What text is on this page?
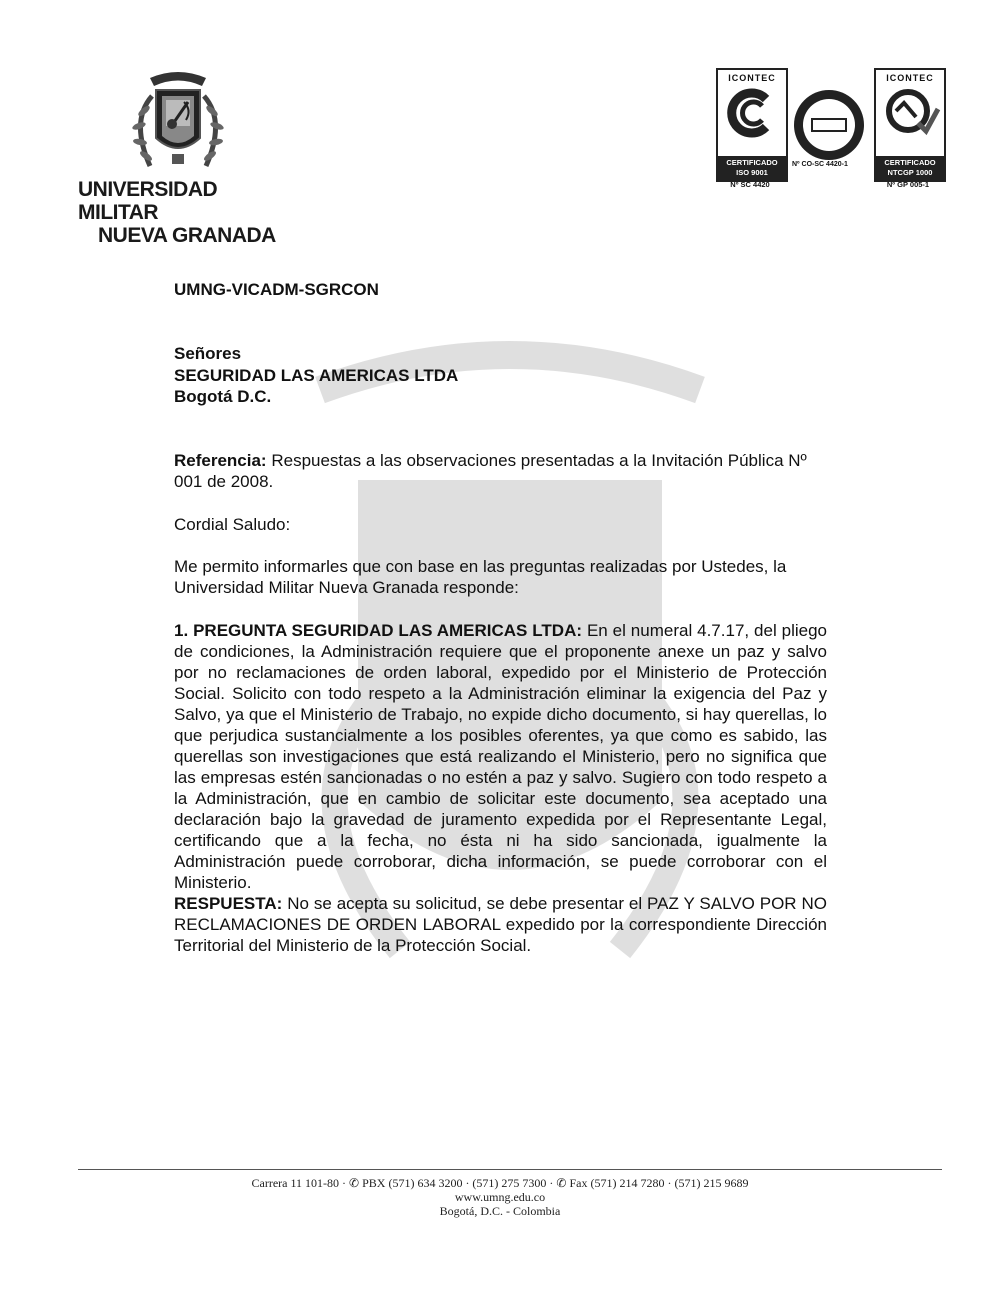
UNIVERSIDAD MILITAR
NUEVA GRANADA
ICONTEC
CERTIFICADO
ISO 9001
Nº SC 4420
Nº CO-SC 4420-1
ICONTEC
CERTIFICADO
NTCGP 1000
Nº GP 005-1
UMNG-VICADM-SGRCON
Señores
SEGURIDAD LAS AMERICAS LTDA
Bogotá D.C.
Referencia: Respuestas a las observaciones presentadas a la Invitación Pública Nº 001 de 2008.
Cordial Saludo:
Me permito informarles que con base en las preguntas realizadas por Ustedes, la Universidad Militar Nueva Granada responde:
1. PREGUNTA SEGURIDAD LAS AMERICAS LTDA: En el numeral 4.7.17, del pliego de condiciones, la Administración requiere que el proponente anexe un paz y salvo por no reclamaciones de orden laboral, expedido por el Ministerio de Protección Social. Solicito con todo respeto a la Administración eliminar la exigencia del Paz y Salvo, ya que el Ministerio de Trabajo, no expide dicho documento, si hay querellas, lo que perjudica sustancialmente a los posibles oferentes, ya que como es sabido, las querellas son investigaciones que está realizando el Ministerio, pero no significa que las empresas estén sancionadas o no estén a paz y salvo. Sugiero con todo respeto a la Administración, que en cambio de solicitar este documento, sea aceptado una declaración bajo la gravedad de juramento expedida por el Representante Legal, certificando que a la fecha, no ésta ni ha sido sancionada, igualmente la Administración puede corroborar, dicha información, se puede corroborar con el Ministerio.
RESPUESTA: No se acepta su solicitud, se debe presentar el PAZ Y SALVO POR NO RECLAMACIONES DE ORDEN LABORAL expedido por la correspondiente Dirección Territorial del Ministerio de la Protección Social.
Carrera 11 101-80 · ✆ PBX (571) 634 3200 · (571) 275 7300 · ✆ Fax (571) 214 7280 · (571) 215 9689
www.umng.edu.co
Bogotá, D.C. - Colombia
